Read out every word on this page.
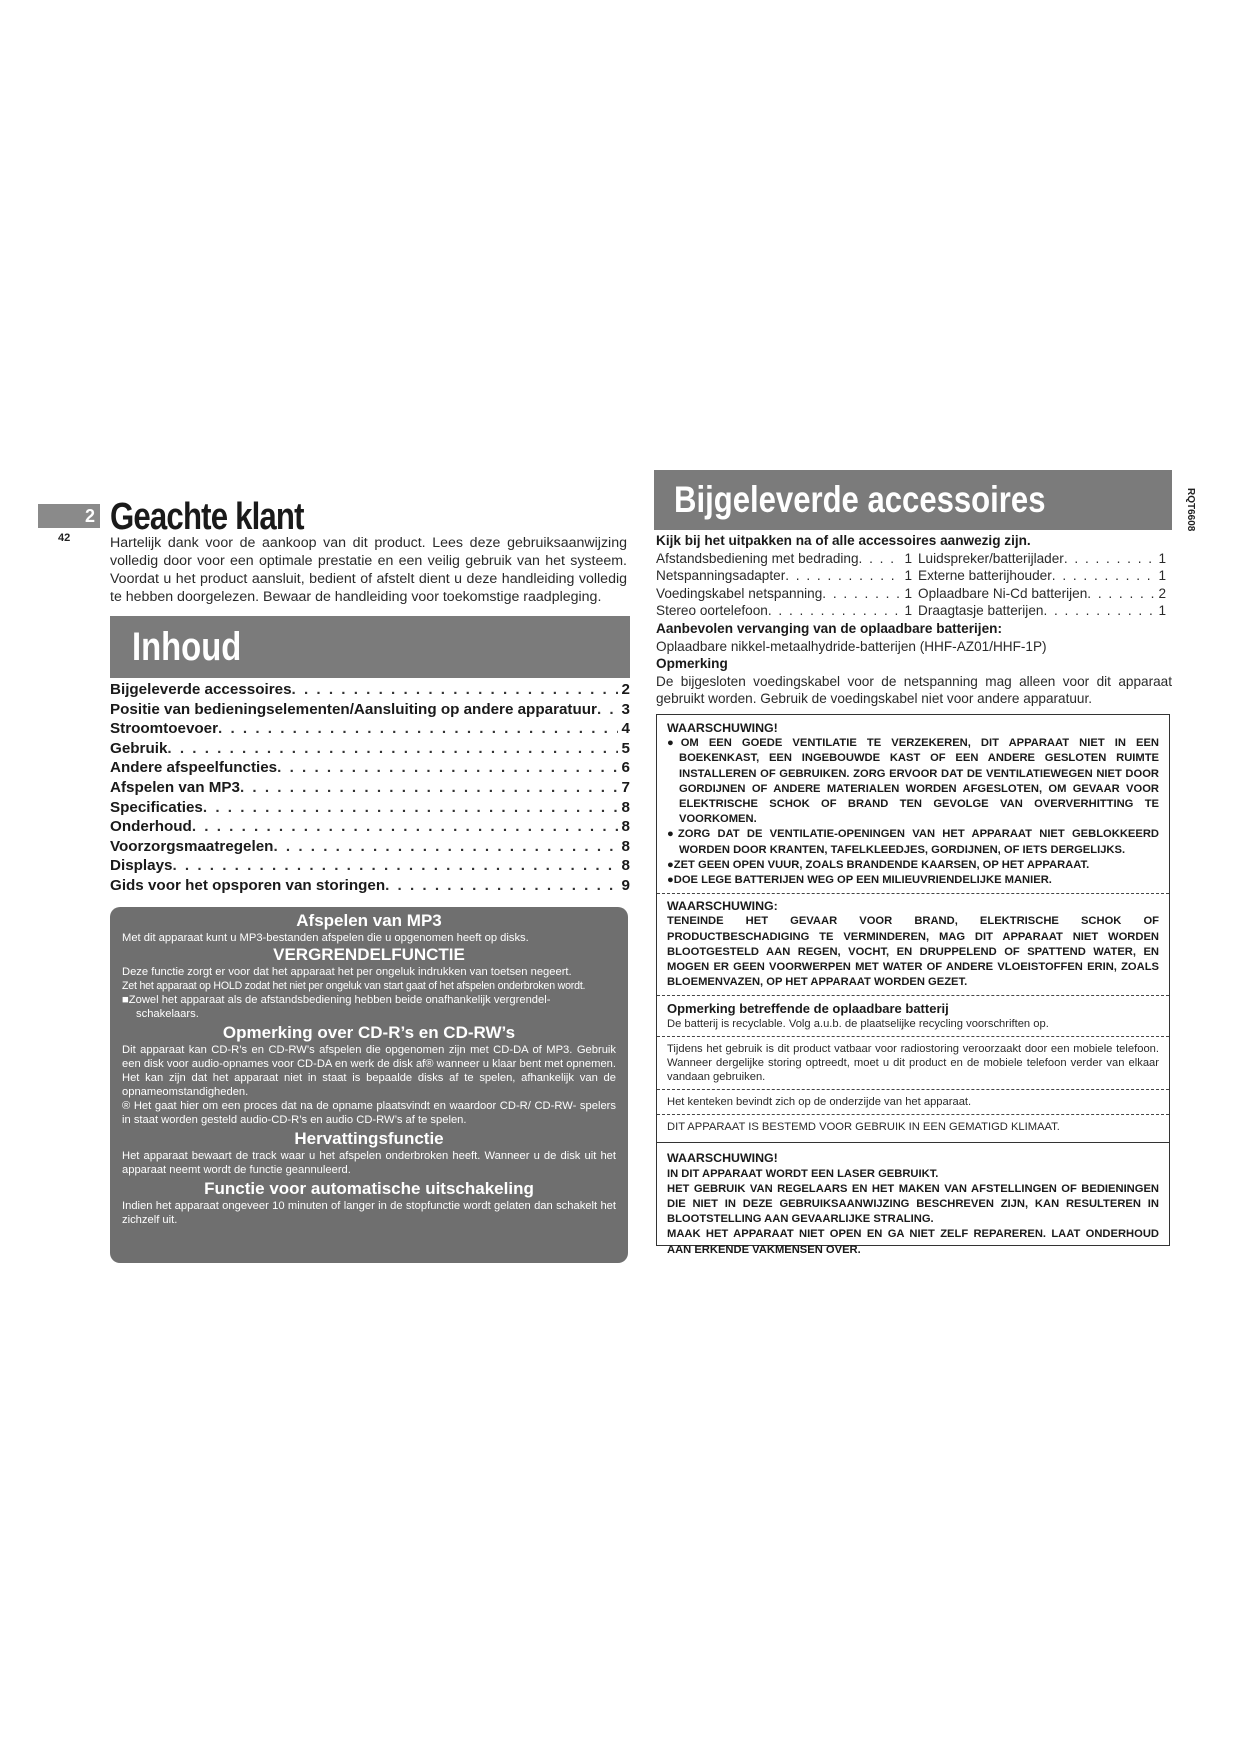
2
42 Geachte klant
Hartelijk dank voor de aankoop van dit product. Lees deze gebruiksaanwijzing volledig door voor een optimale prestatie en een veilig gebruik van het systeem. Voordat u het product aansluit, bedient of afstelt dient u deze handleiding volledig te hebben doorgelezen. Bewaar de handleiding voor toekomstige raadpleging.
Inhoud
Bijgeleverde accessoires . . .	2
Positie van bedieningselementen/Aansluiting op andere apparatuur . . . 3
Stroomtoevoer . . .	4
Gebruik . . .	5
Andere afspeelfuncties . . .	6
Afspelen van MP3 . . .	7
Specificaties . . .	8
Onderhoud . . .	8
Voorzorgsmaatregelen . . .	8
Displays . . .	8
Gids voor het opsporen van storingen . . .	9

Afspelen van MP3

Met dit apparaat kunt u MP3-bestanden afspelen die u opgenomen heeft op disks.

VERGRENDELFUNCTIE

Deze functie zorgt er voor dat het apparaat het per ongeluk indrukken van toetsen negeert.

Zet het apparaat op HOLD zodat het niet per ongeluk van start gaat of het afspelen onderbroken wordt.

■Zowel het apparaat als de afstandsbediening hebben beide onafhankelijk vergrendel-

schakelaars.

Opmerking over CD-R’s en CD-RW’s

Dit apparaat kan CD-R’s en CD-RW’s afspelen die opgenomen zijn met CD-DA of MP3. Gebruik een disk voor audio-opnames voor CD-DA en werk de disk af® wanneer u klaar bent met opnemen. Het kan zijn dat het apparaat niet in staat is bepaalde disks af te spelen, afhankelijk van de opnameomstandigheden.

® Het gaat hier om een proces dat na de opname plaatsvindt en waardoor CD-R/ CD-RW- spelers in staat worden gesteld audio-CD-R’s en audio CD-RW’s af te spelen.

Hervattingsfunctie

Het apparaat bewaart de track waar u het afspelen onderbroken heeft. Wanneer u de disk uit het apparaat neemt wordt de functie geannuleerd.

Functie voor automatische uitschakeling

Indien het apparaat ongeveer 10 minuten of langer in de stopfunctie wordt gelaten dan schakelt het zichzelf uit.

Bijgeleverde accessoires	RQT6608
Kijk bij het uitpakken na of alle accessoires aanwezig zijn.
Afstandsbediening met bedrading . . .	1 Luidspreker/batterijlader . . .	1
Netspanningsadapter . . .	1 Externe batterijhouder . . .	1
Voedingskabel netspanning . . .	1 Oplaadbare Ni-Cd batterijen . . .	2
Stereo oortelefoon . . .	1 Draagtasje batterijen . . .	1
Aanbevolen vervanging van de oplaadbare batterijen:
Oplaadbare nikkel-metaalhydride-batterijen (HHF-AZ01/HHF-1P)
Opmerking
De bijgesloten voedingskabel voor de netspanning mag alleen voor dit apparaat gebruikt worden. Gebruik de voedingskabel niet voor andere apparatuur.

WAARSCHUWING!

●OM EEN GOEDE VENTILATIE TE VERZEKEREN, DIT APPARAAT NIET IN EEN BOEKENKAST, EEN INGEBOUWDE KAST OF EEN ANDERE GESLOTEN RUIMTE INSTALLEREN OF GEBRUIKEN. ZORG ERVOOR DAT DE VENTILATIEWEGEN NIET DOOR GORDIJNEN OF ANDERE MATERIALEN WORDEN AFGESLOTEN, OM GEVAAR VOOR ELEKTRISCHE SCHOK OF BRAND TEN GEVOLGE VAN OVERVERHITTING TE VOORKOMEN.

●ZORG DAT DE VENTILATIE-OPENINGEN VAN HET APPARAAT NIET GEBLOKKEERD WORDEN DOOR KRANTEN, TAFELKLEEDJES, GORDIJNEN, OF IETS DERGELIJKS.

●ZET GEEN OPEN VUUR, ZOALS BRANDENDE KAARSEN, OP HET APPARAAT.

●DOE LEGE BATTERIJEN WEG OP EEN MILIEUVRIENDELIJKE MANIER.

WAARSCHUWING:

TENEINDE HET GEVAAR VOOR BRAND, ELEKTRISCHE SCHOK OF PRODUCTBESCHADIGING TE VERMINDEREN, MAG DIT APPARAAT NIET WORDEN BLOOTGESTELD AAN REGEN, VOCHT, EN DRUPPELEND OF SPATTEND WATER, EN MOGEN ER GEEN VOORWERPEN MET WATER OF ANDERE VLOEISTOFFEN ERIN, ZOALS BLOEMENVAZEN, OP HET APPARAAT WORDEN GEZET.

Opmerking betreffende de oplaadbare batterij

De batterij is recyclable. Volg a.u.b. de plaatselijke recycling voorschriften op.

Tijdens het gebruik is dit product vatbaar voor radiostoring veroorzaakt door een mobiele telefoon. Wanneer dergelijke storing optreedt, moet u dit product en de mobiele telefoon verder van elkaar vandaan gebruiken.

Het kenteken bevindt zich op de onderzijde van het apparaat.

DIT APPARAAT IS BESTEMD VOOR GEBRUIK IN EEN GEMATIGD KLIMAAT.

WAARSCHUWING!

IN DIT APPARAAT WORDT EEN LASER GEBRUIKT.

HET GEBRUIK VAN REGELAARS EN HET MAKEN VAN AFSTELLINGEN OF BEDIENINGEN DIE NIET IN DEZE GEBRUIKSAANWIJZING BESCHREVEN ZIJN, KAN RESULTEREN IN BLOOTSTELLING AAN GEVAARLIJKE STRALING.

MAAK HET APPARAAT NIET OPEN EN GA NIET ZELF REPAREREN. LAAT ONDERHOUD AAN ERKENDE VAKMENSEN OVER.
